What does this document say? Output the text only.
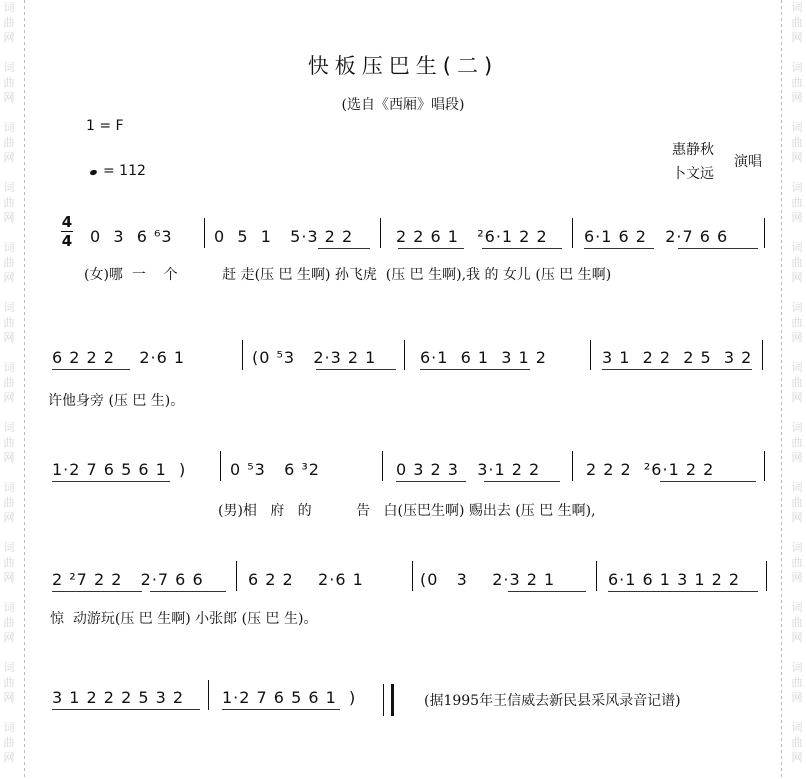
词
曲
网
词
曲
网
词
曲
网
词
曲
网
词
曲
网
词
曲
网
词
曲
网
词
曲
网
词
曲
网
词
曲
网
词
曲
网
词
曲
网
词
曲
网
词
曲
网
词
曲
网
词
曲
网
词
曲
网
词
曲
网
词
曲
网
词
曲
网
词
曲
网
词
曲
网
词
曲
网
词
曲
网
词
曲
网
词
曲
网
快板压巴生(二)
(选自《西厢》唱段)
1 = F
= 112
惠静秋
卜文远
演唱
4
4 0  3  6 ⁶3	0  5  1   5·3 2 2	2 2 6 1   ²6·1 2 2 6·1 6 2   2·7 6 6
(女)哪  一    个          赶 走(压 巴 生啊) 孙飞虎  (压 巴 生啊),我 的 女儿 (压 巴 生啊)
6 2 2 2    2·6 1	(0 ⁵3   2·3 2 1	6·1  6 1  3 1 2	3 1  2 2  2 5  3 2
许他身旁 (压 巴 生)。
1·2 7 6 5 6 1  )	0 ⁵3   6 ³2	0 3 2 3   3·1 2 2	2 2 2  ²6·1 2 2
(男)相   府   的          告   白(压巴生啊) 赐出去 (压 巴 生啊),
2 ²7 2 2   2·7 6 6	6 2 2    2·6 1	(0   3    2·3 2 1	6·1 6 1 3 1 2 2
惊  动游玩(压 巴 生啊) 小张郎 (压 巴 生)。
3 1 2 2 2 5 3 2 1·2 7 6 5 6 1  )	(据1995年王信威去新民县采风录音记谱)
